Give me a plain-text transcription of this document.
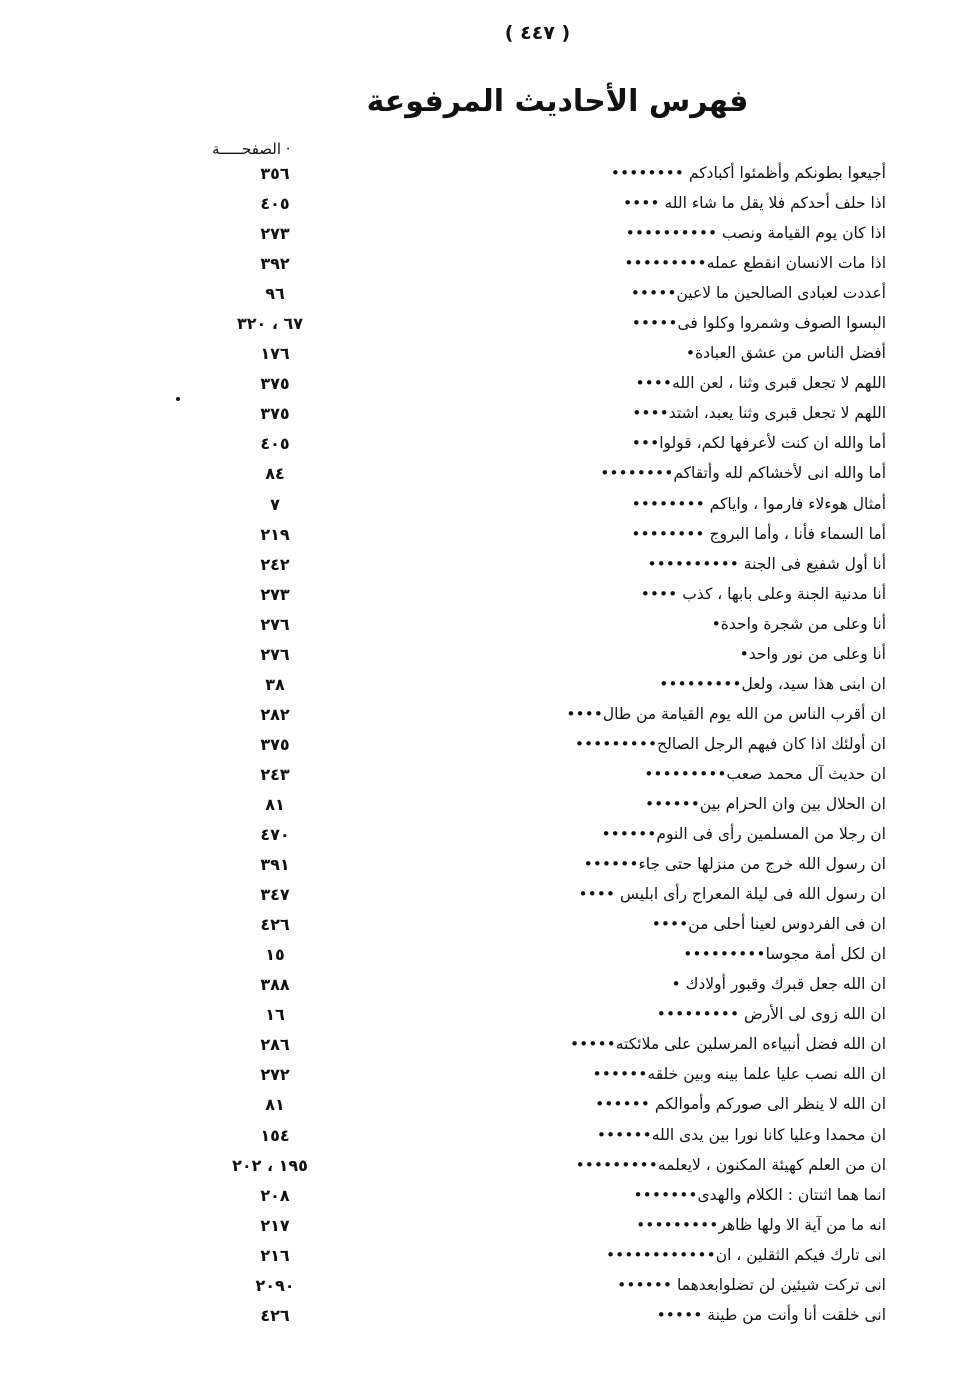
( ٤٤٧ )
فهرس الأحاديث المرفوعة
· الصفحـــــة
أجيعوا بطونكم وأظمئوا أكبادكم ••••••••
٣٥٦
اذا حلف أحدكم فلا يقل ما شاء الله ••••
٤٠٥
اذا كان يوم القيامة ونصب ••••••••••
٢٧٣
اذا مات الانسان انقطع عمله•••••••••
٣٩٢
أعددت لعبادى الصالحين ما لاعين•••••
٩٦
البسوا الصوف وشمروا وكلوا فى•••••
٦٧ ، ٣٢٠
أفضل الناس من عشق العبادة•
١٧٦
اللهم لا تجعل قبرى وثنا ، لعن الله••••
٣٧٥
اللهم لا تجعل قبرى وثنا يعبد، اشتد••••
٣٧٥
أما والله ان كنت لأعرفها لكم، قولوا•••
٤٠٥
أما والله انى لأخشاكم لله وأتقاكم••••••••
٨٤
أمثال هوءلاء فارموا ، واياكم ••••••••
٧
أما السماء فأنا ، وأما البروج ••••••••
٢١٩
أنا أول شفيع فى الجنة ••••••••••
٢٤٢
أنا مدنية الجنة وعلى بابها ، كذب ••••
٢٧٣
أنا وعلى من شجرة واحدة•
٢٧٦
أنا وعلى من نور واحد•
٢٧٦
ان ابنى هذا سيد، ولعل•••••••••
٣٨
ان أقرب الناس من الله يوم القيامة من طال••••
٢٨٢
ان أولئك اذا كان فيهم الرجل الصالح•••••••••
٣٧٥
ان حديث آل محمد صعب•••••••••
٢٤٣
ان الحلال بين وان الحرام بين••••••
٨١
ان رجلا من المسلمين رأى فى النوم••••••
٤٧٠
ان رسول الله خرج من منزلها حتى جاء••••••
٣٩١
ان رسول الله فى ليلة المعراج رأى ابليس ••••
٣٤٧
ان فى الفردوس لعينا أحلى من••••
٤٢٦
ان لكل أمة مجوسا•••••••••
١٥
ان الله جعل قبرك وقبور أولادك •
٣٨٨
ان الله زوى لى الأرض •••••••••
١٦
ان الله فضل أنبياءه المرسلين على ملائكته•••••
٢٨٦
ان الله نصب عليا علما بينه وبين خلقه••••••
٢٧٢
ان الله لا ينظر الى صوركم وأموالكم ••••••
٨١
ان محمدا وعليا كانا نورا بين يدى الله••••••
١٥٤
ان من العلم كهيئة المكنون ، لايعلمه•••••••••
١٩٥ ، ٢٠٢
انما هما اثنتان : الكلام والهدى•••••••
٢٠٨
انه ما من آية الا ولها ظاهر•••••••••
٢١٧
انى تارك فيكم الثقلين ، ان••••••••••••
٢١٦
انى تركت شيئين لن تضلوابعدهما ••••••
٢٠٩٠
انى خلقت أنا وأنت من طينة •••••
٤٢٦
